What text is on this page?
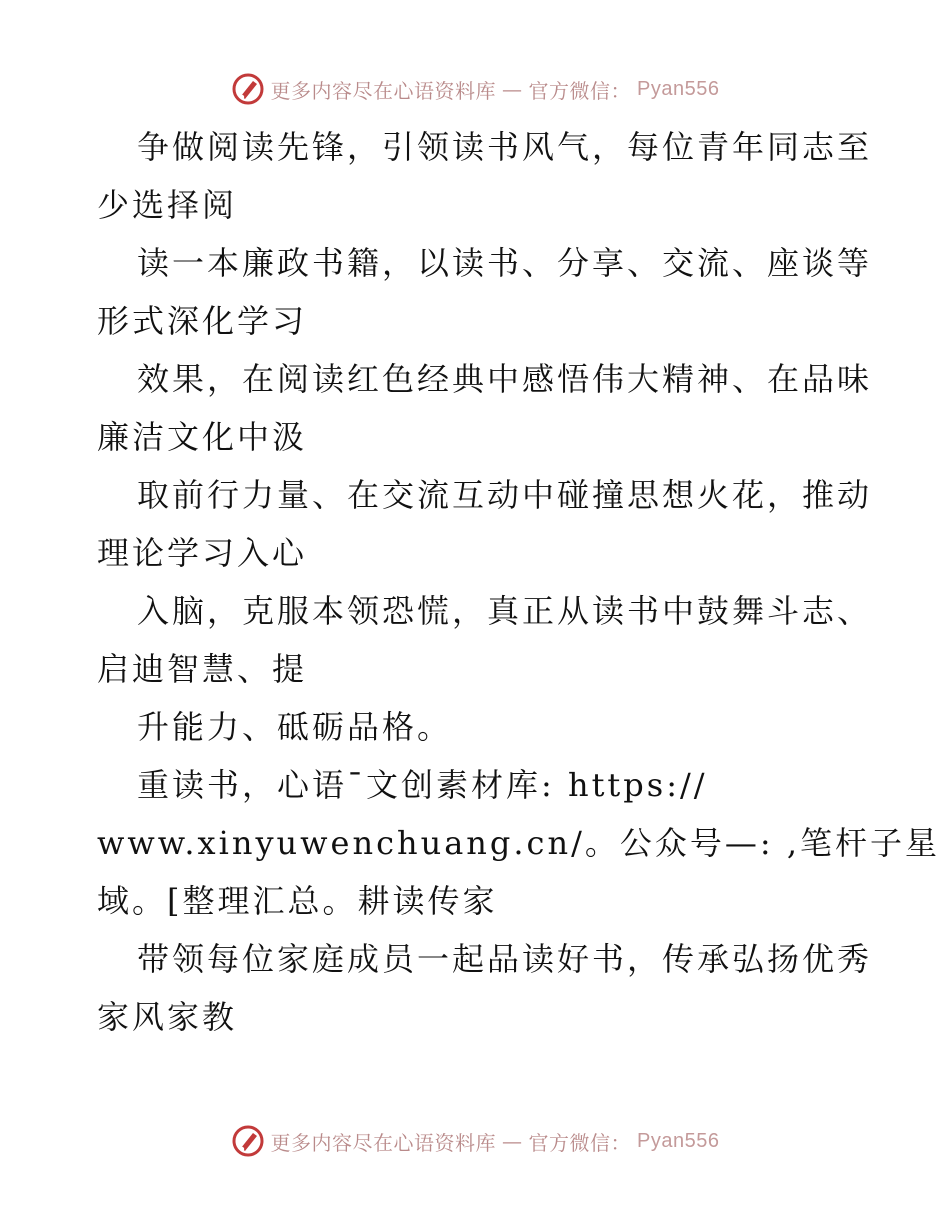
更多内容尽在心语资料库 — 官方微信： Pyan556
争做阅读先锋，引领读书风气，每位青年同志至
少选择阅
读一本廉政书籍，以读书、分享、交流、座谈等
形式深化学习
效果，在阅读红色经典中感悟伟大精神、在品味
廉洁文化中汲
取前行力量、在交流互动中碰撞思想火花，推动
理论学习入心
入脑，克服本领恐慌，真正从读书中鼓舞斗志、
启迪智慧、提
升能力、砥砺品格。
重读书，心语¯文创素材库: https://
www.xinyuwenchuang.cn/。公众号—: ,笔杆子星
域。[整理汇总。耕读传家
带领每位家庭成员一起品读好书，传承弘扬优秀
家风家教
更多内容尽在心语资料库 — 官方微信： Pyan556
